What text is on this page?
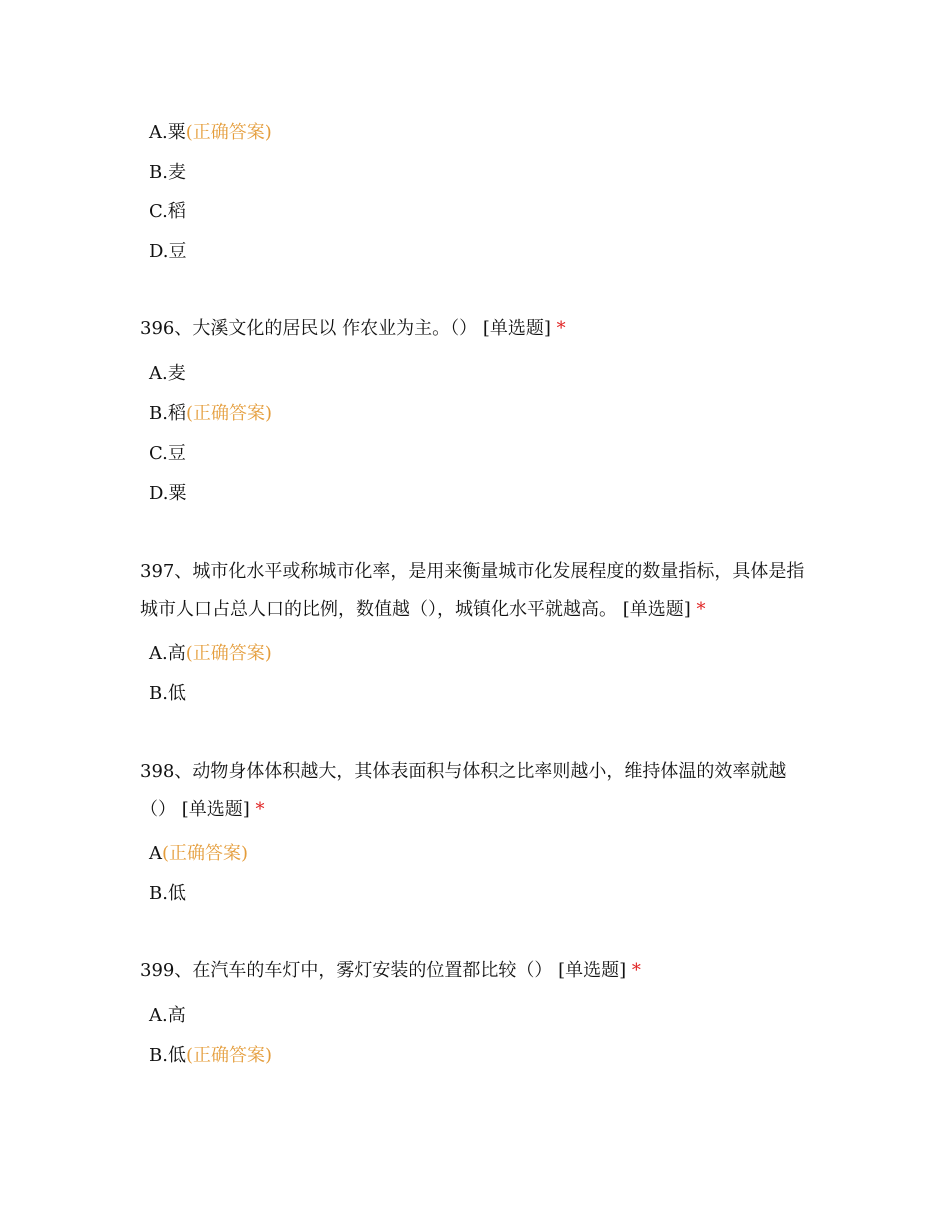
A.粟(正确答案)
B.麦
C.稻
D.豆
396、大溪文化的居民以 作农业为主。（） [单选题] *
A.麦
B.稻(正确答案)
C.豆
D.粟
397、城市化水平或称城市化率，是用来衡量城市化发展程度的数量指标，具体是指城市人口占总人口的比例，数值越（），城镇化水平就越高。 [单选题] *
A.高(正确答案)
B.低
398、动物身体体积越大，其体表面积与体积之比率则越小，维持体温的效率就越（） [单选题] *
A(正确答案)
B.低
399、在汽车的车灯中，雾灯安装的位置都比较（） [单选题] *
A.高
B.低(正确答案)
